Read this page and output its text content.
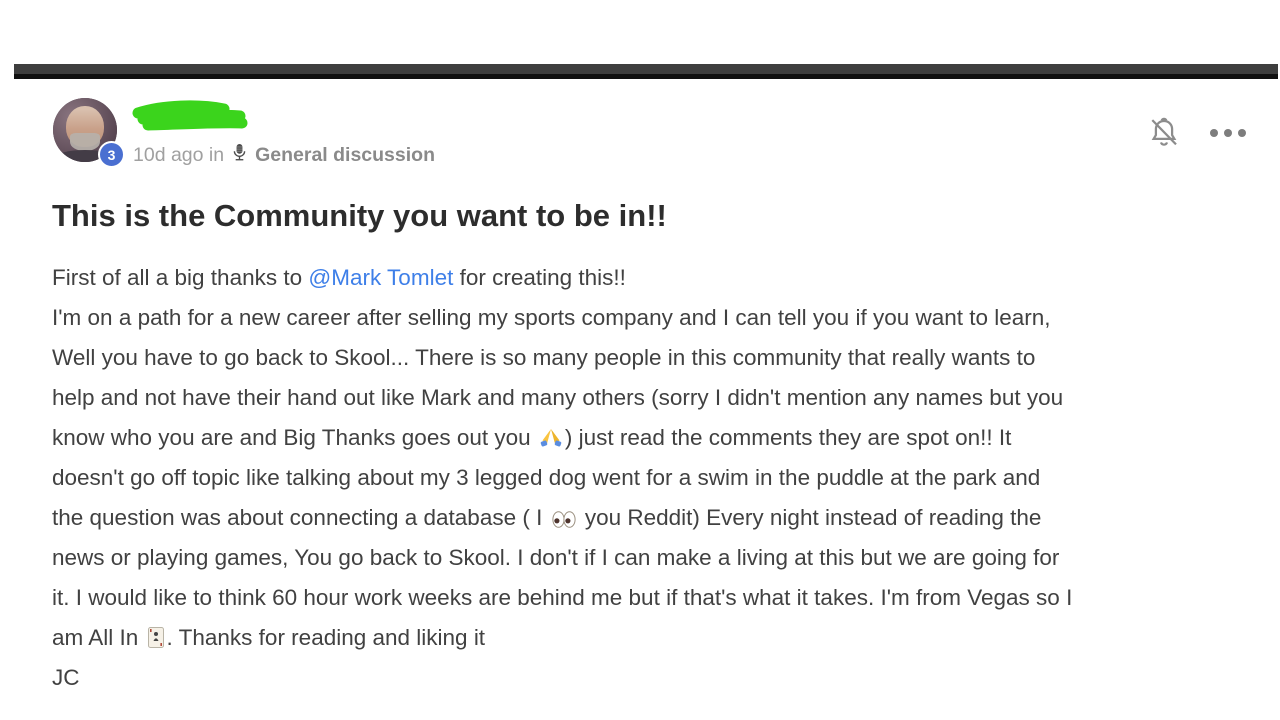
3 10d ago in General discussion
This is the Community you want to be in!!
First of all a big thanks to @Mark Tomlet for creating this!!
I'm on a path for a new career after selling my sports company and I can tell you if you want to learn,
Well you have to go back to Skool... There is so many people in this community that really wants to
help and not have their hand out like Mark and many others (sorry I didn't mention any names but you
know who you are and Big Thanks goes out you ) just read the comments they are spot on!! It
doesn't go off topic like talking about my 3 legged dog went for a swim in the puddle at the park and
the question was about connecting a database ( I  you Reddit) Every night instead of reading the
news or playing games, You go back to Skool. I don't if I can make a living at this but we are going for
it. I would like to think 60 hour work weeks are behind me but if that's what it takes. I'm from Vegas so I
am All In . Thanks for reading and liking it
JC
